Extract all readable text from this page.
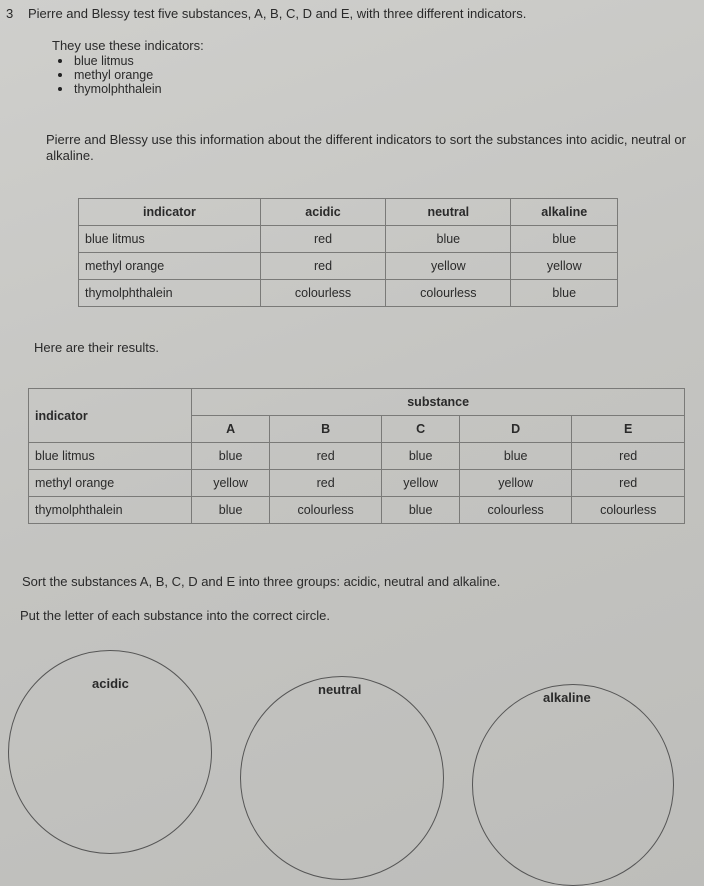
3 Pierre and Blessy test five substances, A, B, C, D and E, with three different indicators.
They use these indicators:
blue litmus
methyl orange
thymolphthalein
Pierre and Blessy use this information about the different indicators to sort the substances into acidic, neutral or alkaline.
indicator	acidic	neutral	alkaline
blue litmus	red	blue	blue
methyl orange	red	yellow	yellow
thymolphthalein	colourless	colourless	blue
Here are their results.
indicator	substance				
	A	B	C	D	E
blue litmus	blue	red	blue	blue	red
methyl orange	yellow	red	yellow	yellow	red
thymolphthalein	blue	colourless	blue	colourless	colourless
Sort the substances A, B, C, D and E into three groups: acidic, neutral and alkaline.
Put the letter of each substance into the correct circle.
acidic	neutral
alkaline
